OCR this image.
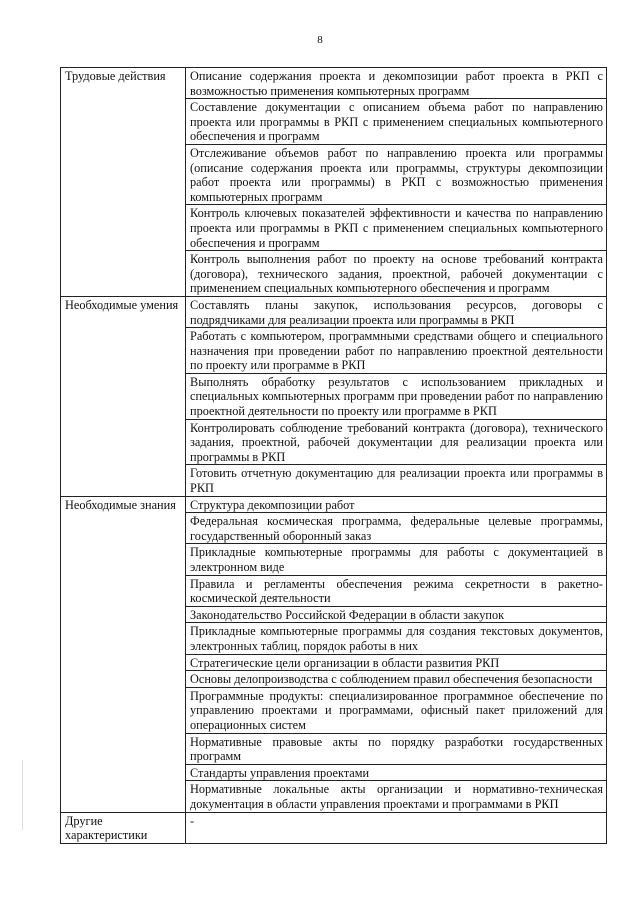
8
Трудовые действия	Описание содержания проекта и декомпозиции работ проекта в РКП с возможностью применения компьютерных программ
	Составление документации с описанием объема работ по направлению проекта или программы в РКП с применением специальных компьютерного обеспечения и программ
	Отслеживание объемов работ по направлению проекта или программы (описание содержания проекта или программы, структуры декомпозиции работ проекта или программы) в РКП с возможностью применения компьютерных программ
	Контроль ключевых показателей эффективности и качества по направлению проекта или программы в РКП с применением специальных компьютерного обеспечения и программ
	Контроль выполнения работ по проекту на основе требований контракта (договора), технического задания, проектной, рабочей документации с применением специальных компьютерного обеспечения и программ
Необходимые умения	Составлять планы закупок, использования ресурсов, договоры с подрядчиками для реализации проекта или программы в РКП
	Работать с компьютером, программными средствами общего и специального назначения при проведении работ по направлению проектной деятельности по проекту или программе в РКП
	Выполнять обработку результатов с использованием прикладных и специальных компьютерных программ при проведении работ по направлению проектной деятельности по проекту или программе в РКП
	Контролировать соблюдение требований контракта (договора), технического задания, проектной, рабочей документации для реализации проекта или программы в РКП
	Готовить отчетную документацию для реализации проекта или программы в РКП
Необходимые знания	Структура декомпозиции работ
	Федеральная космическая программа, федеральные целевые программы, государственный оборонный заказ
	Прикладные компьютерные программы для работы с документацией в электронном виде
	Правила и регламенты обеспечения режима секретности в ракетно-космической деятельности
	Законодательство Российской Федерации в области закупок
	Прикладные компьютерные программы для создания текстовых документов, электронных таблиц, порядок работы в них
	Стратегические цели организации в области развития РКП
	Основы делопроизводства с соблюдением правил обеспечения безопасности
	Программные продукты: специализированное программное обеспечение по управлению проектами и программами, офисный пакет приложений для операционных систем
	Нормативные правовые акты по порядку разработки государственных программ
	Стандарты управления проектами
	Нормативные локальные акты организации и нормативно-техническая документация в области управления проектами и программами в РКП
Другие характеристики	-
